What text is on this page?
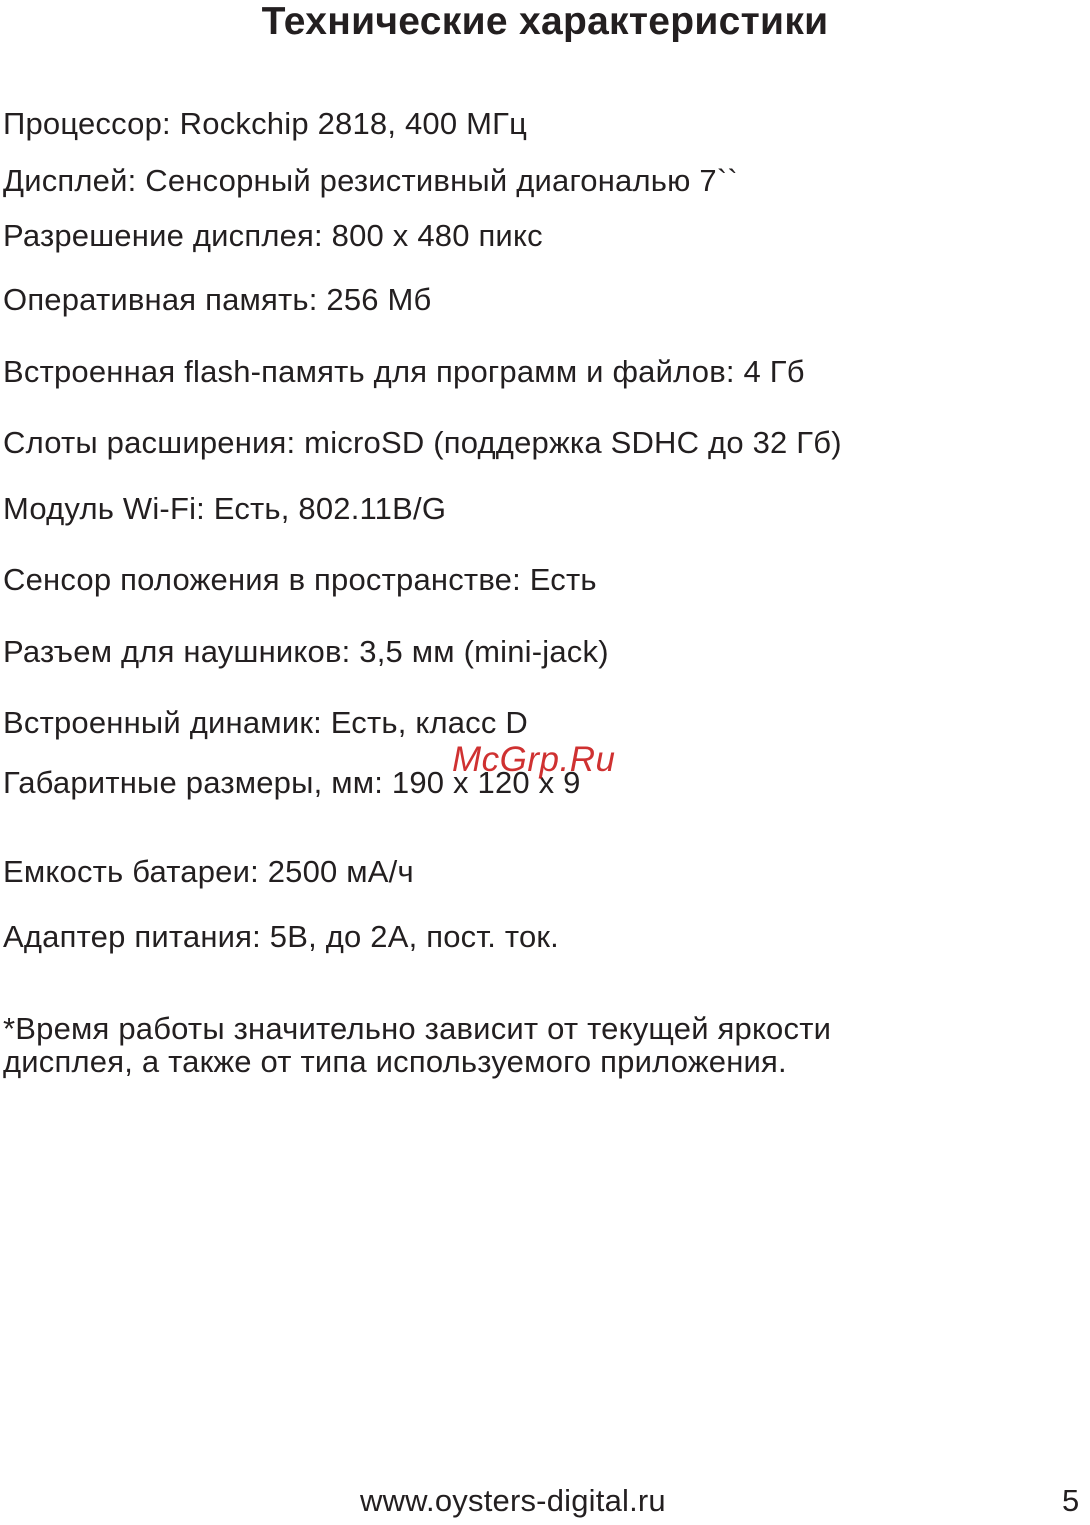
Технические характеристики
Процессор: Rockchip 2818, 400 МГц
Дисплей: Сенсорный резистивный диагональю 7``
Разрешение дисплея: 800 х 480 пикс
Оперативная память: 256 Мб
Встроенная flash-память для программ и файлов: 4 Гб
Слоты расширения: microSD (поддержка SDHC до 32 Гб)
Модуль Wi-Fi: Есть, 802.11B/G
Сенсор положения в пространстве: Есть
Разъем для наушников: 3,5 мм (mini-jack)
Встроенный динамик: Есть, класс D
Габаритные размеры, мм: 190 х 120 х 9
Емкость батареи: 2500 мА/ч
Адаптер питания: 5В, до 2А, пост. ток.
*Время работы значительно зависит от текущей яркости
дисплея, а также от типа используемого приложения.
McGrp.Ru
www.oysters-digital.ru	5
